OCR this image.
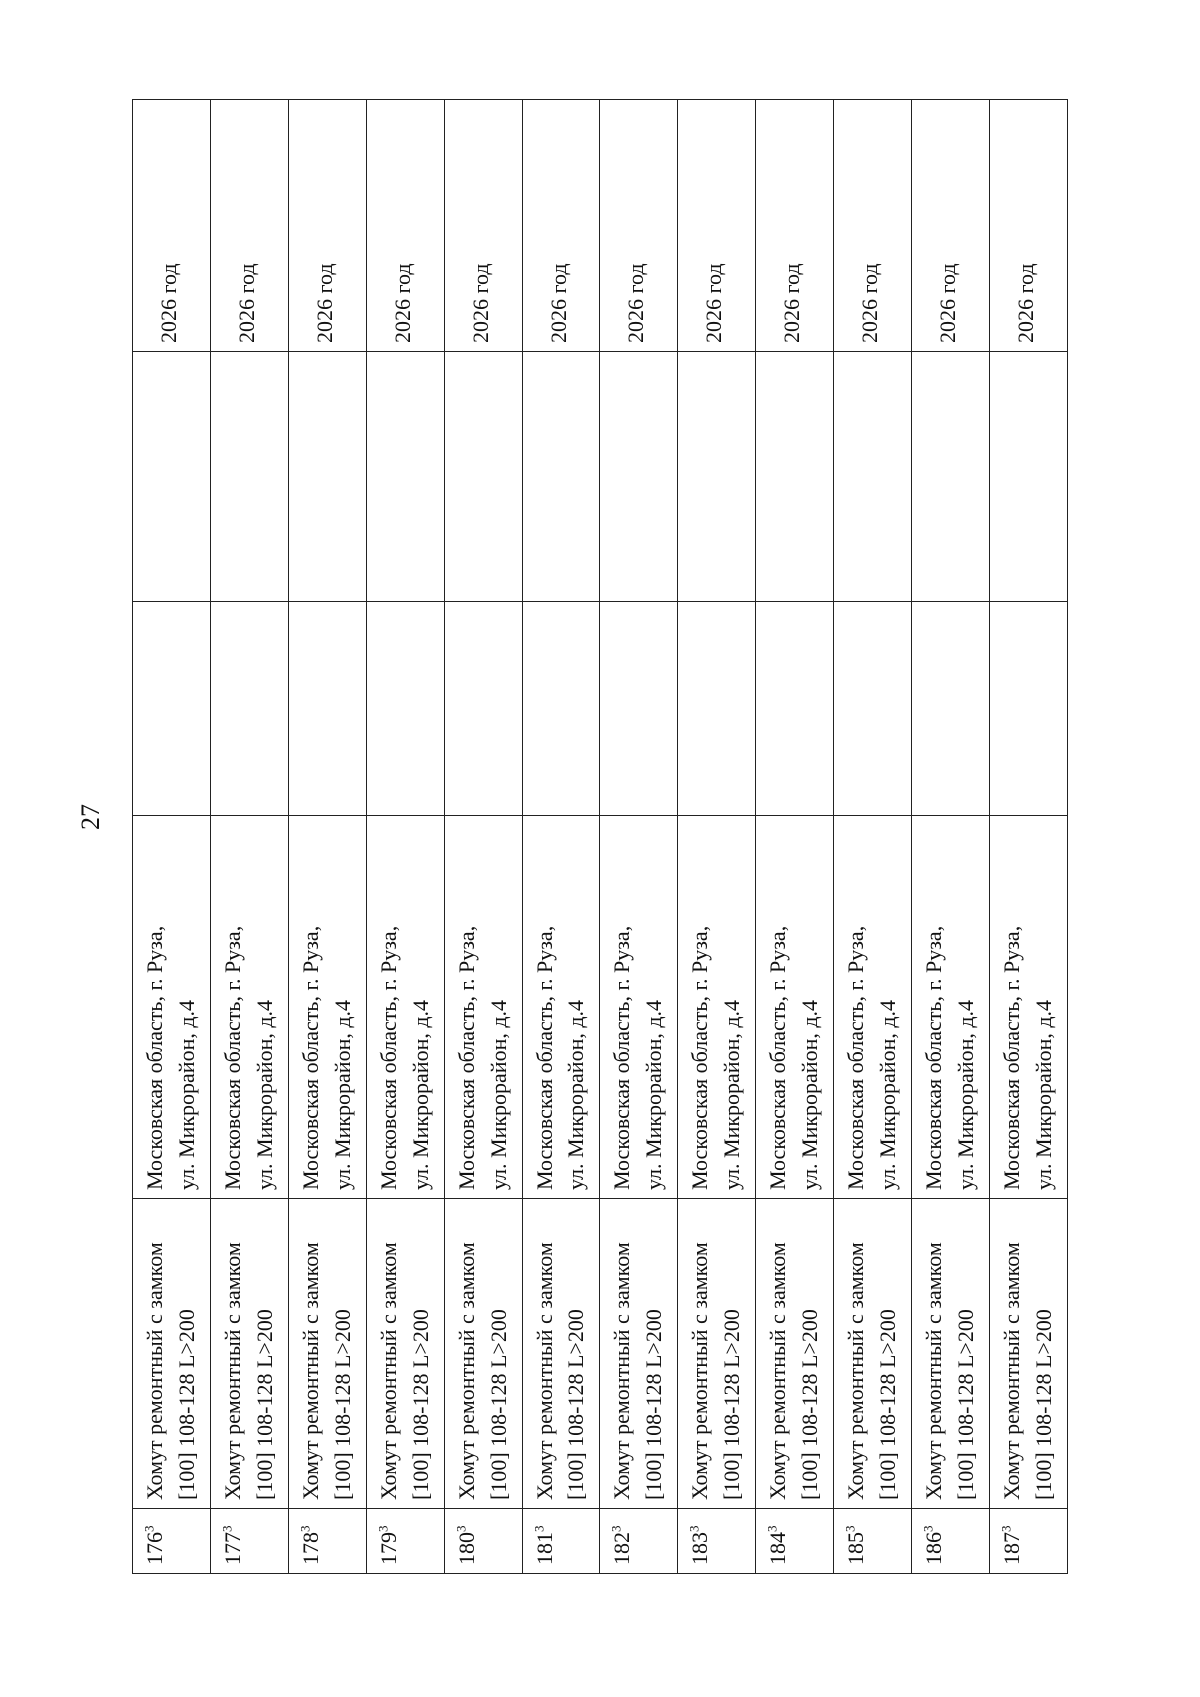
27
$176^3$	Хомут ремонтный с замком [100] 108-128 L>200	Московская область, г. Руза, ул. Микрорайон, д.4			2026 год

$177^3$	Хомут ремонтный с замком [100] 108-128 L>200	Московская область, г. Руза, ул. Микрорайон, д.4			2026 год

$178^3$	Хомут ремонтный с замком [100] 108-128 L>200	Московская область, г. Руза, ул. Микрорайон, д.4			2026 год

$179^3$	Хомут ремонтный с замком [100] 108-128 L>200	Московская область, г. Руза, ул. Микрорайон, д.4			2026 год

$180^3$	Хомут ремонтный с замком [100] 108-128 L>200	Московская область, г. Руза, ул. Микрорайон, д.4			2026 год

$181^3$	Хомут ремонтный с замком [100] 108-128 L>200	Московская область, г. Руза, ул. Микрорайон, д.4			2026 год

$182^3$	Хомут ремонтный с замком [100] 108-128 L>200	Московская область, г. Руза, ул. Микрорайон, д.4			2026 год

$183^3$	Хомут ремонтный с замком [100] 108-128 L>200	Московская область, г. Руза, ул. Микрорайон, д.4			2026 год

$184^3$	Хомут ремонтный с замком [100] 108-128 L>200	Московская область, г. Руза, ул. Микрорайон, д.4			2026 год

$185^3$	Хомут ремонтный с замком [100] 108-128 L>200	Московская область, г. Руза, ул. Микрорайон, д.4			2026 год

$186^3$	Хомут ремонтный с замком [100] 108-128 L>200	Московская область, г. Руза, ул. Микрорайон, д.4			2026 год

$187^3$	Хомут ремонтный с замком [100] 108-128 L>200	Московская область, г. Руза, ул. Микрорайон, д.4			2026 год
